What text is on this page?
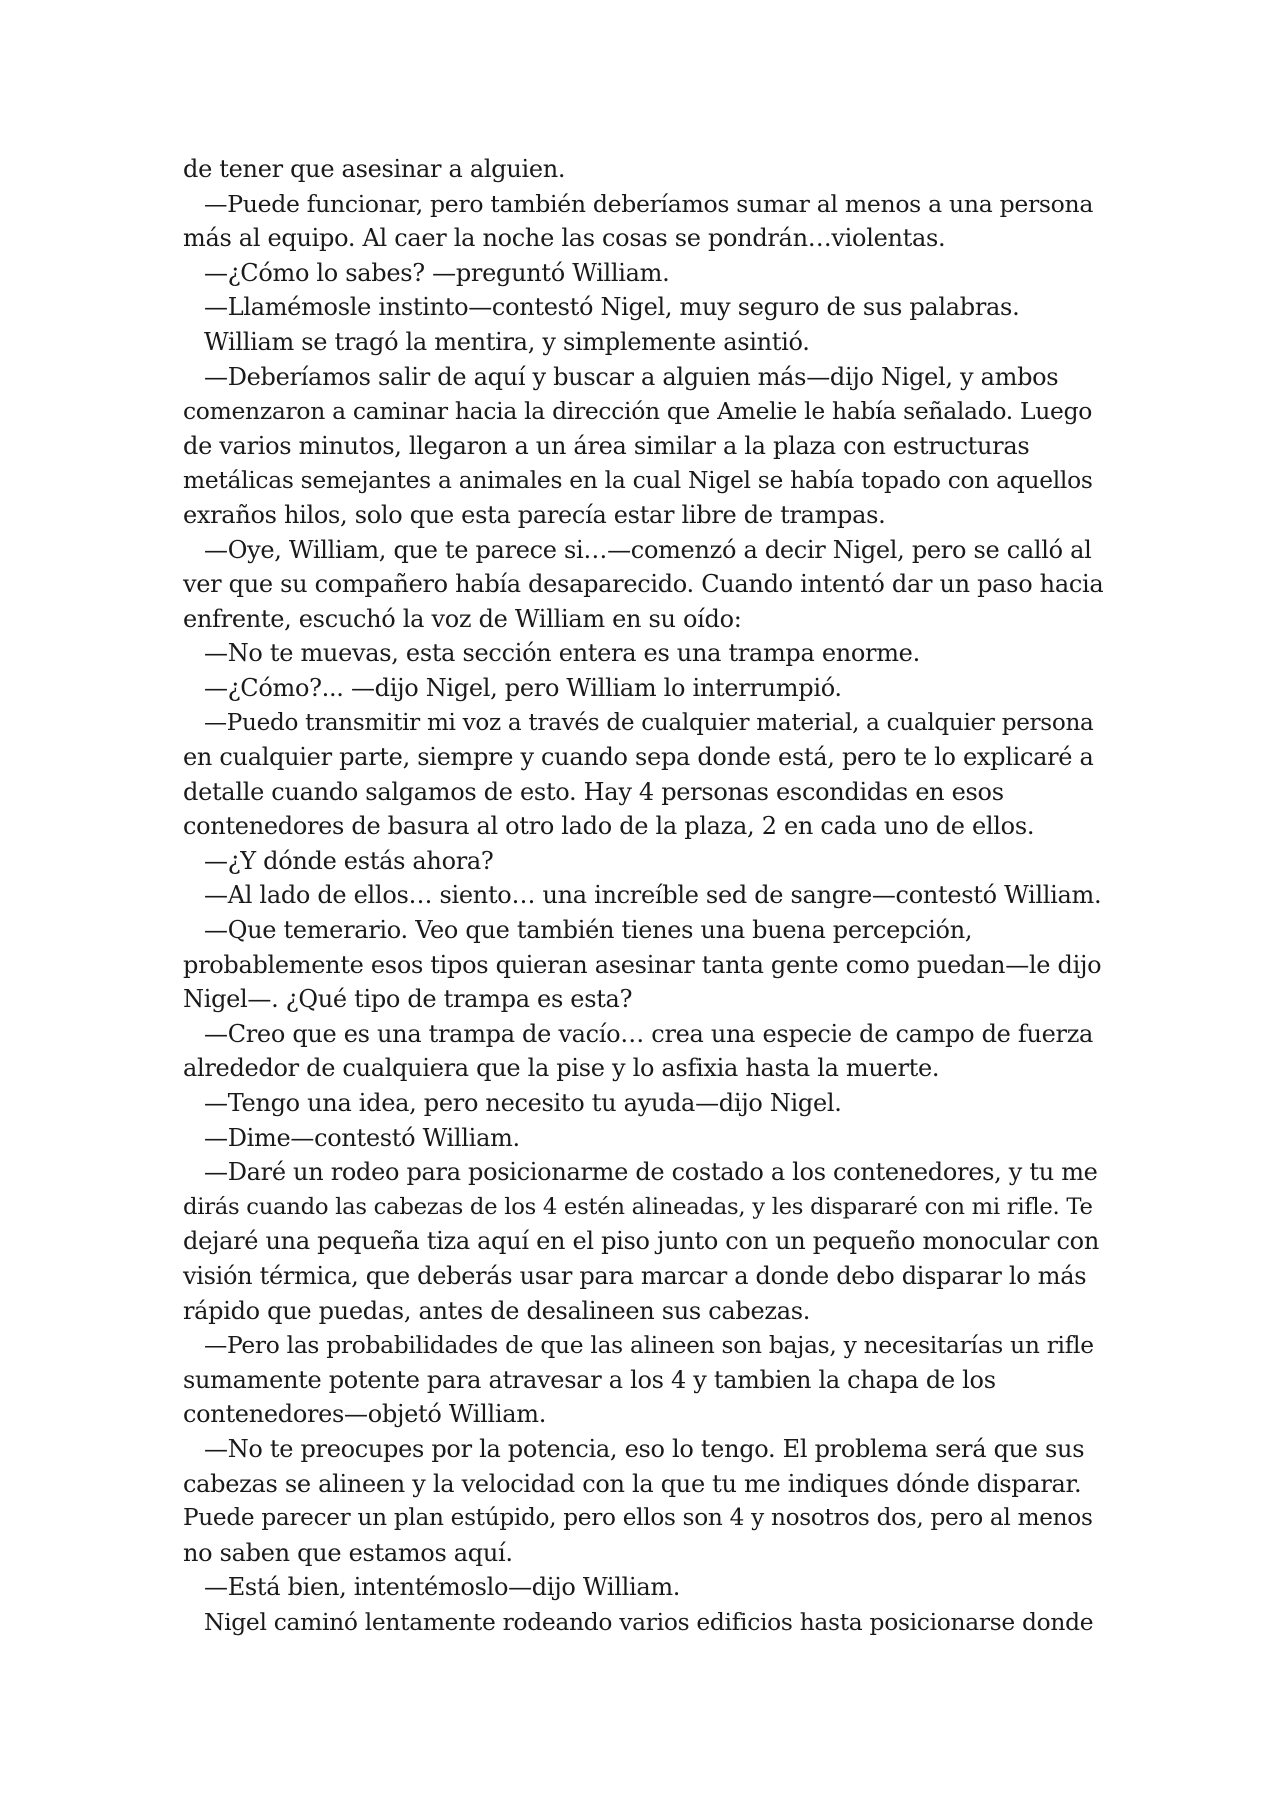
de tener que asesinar a alguien.
—Puede funcionar, pero también deberíamos sumar al menos a una persona
más al equipo. Al caer la noche las cosas se pondrán…violentas.
—¿Cómo lo sabes? —preguntó William.
—Llamémosle instinto—contestó Nigel, muy seguro de sus palabras.
William se tragó la mentira, y simplemente asintió.
—Deberíamos salir de aquí y buscar a alguien más—dijo Nigel, y ambos
comenzaron a caminar hacia la dirección que Amelie le había señalado. Luego
de varios minutos, llegaron a un área similar a la plaza con estructuras
metálicas semejantes a animales en la cual Nigel se había topado con aquellos
exraños hilos, solo que esta parecía estar libre de trampas.
—Oye, William, que te parece si…—comenzó a decir Nigel, pero se calló al
ver que su compañero había desaparecido. Cuando intentó dar un paso hacia
enfrente, escuchó la voz de William en su oído:
—No te muevas, esta sección entera es una trampa enorme.
—¿Cómo?... —dijo Nigel, pero William lo interrumpió.
—Puedo transmitir mi voz a través de cualquier material, a cualquier persona
en cualquier parte, siempre y cuando sepa donde está, pero te lo explicaré a
detalle cuando salgamos de esto. Hay 4 personas escondidas en esos
contenedores de basura al otro lado de la plaza, 2 en cada uno de ellos.
—¿Y dónde estás ahora?
—Al lado de ellos… siento… una increíble sed de sangre—contestó William.
—Que temerario. Veo que también tienes una buena percepción,
probablemente esos tipos quieran asesinar tanta gente como puedan—le dijo
Nigel—. ¿Qué tipo de trampa es esta?
—Creo que es una trampa de vacío… crea una especie de campo de fuerza
alrededor de cualquiera que la pise y lo asfixia hasta la muerte.
—Tengo una idea, pero necesito tu ayuda—dijo Nigel.
—Dime—contestó William.
—Daré un rodeo para posicionarme de costado a los contenedores, y tu me
dirás cuando las cabezas de los 4 estén alineadas, y les dispararé con mi rifle. Te
dejaré una pequeña tiza aquí en el piso junto con un pequeño monocular con
visión térmica, que deberás usar para marcar a donde debo disparar lo más
rápido que puedas, antes de desalineen sus cabezas.
—Pero las probabilidades de que las alineen son bajas, y necesitarías un rifle
sumamente potente para atravesar a los 4 y tambien la chapa de los
contenedores—objetó William.
—No te preocupes por la potencia, eso lo tengo. El problema será que sus
cabezas se alineen y la velocidad con la que tu me indiques dónde disparar.
Puede parecer un plan estúpido, pero ellos son 4 y nosotros dos, pero al menos
no saben que estamos aquí.
—Está bien, intentémoslo—dijo William.
Nigel caminó lentamente rodeando varios edificios hasta posicionarse donde
